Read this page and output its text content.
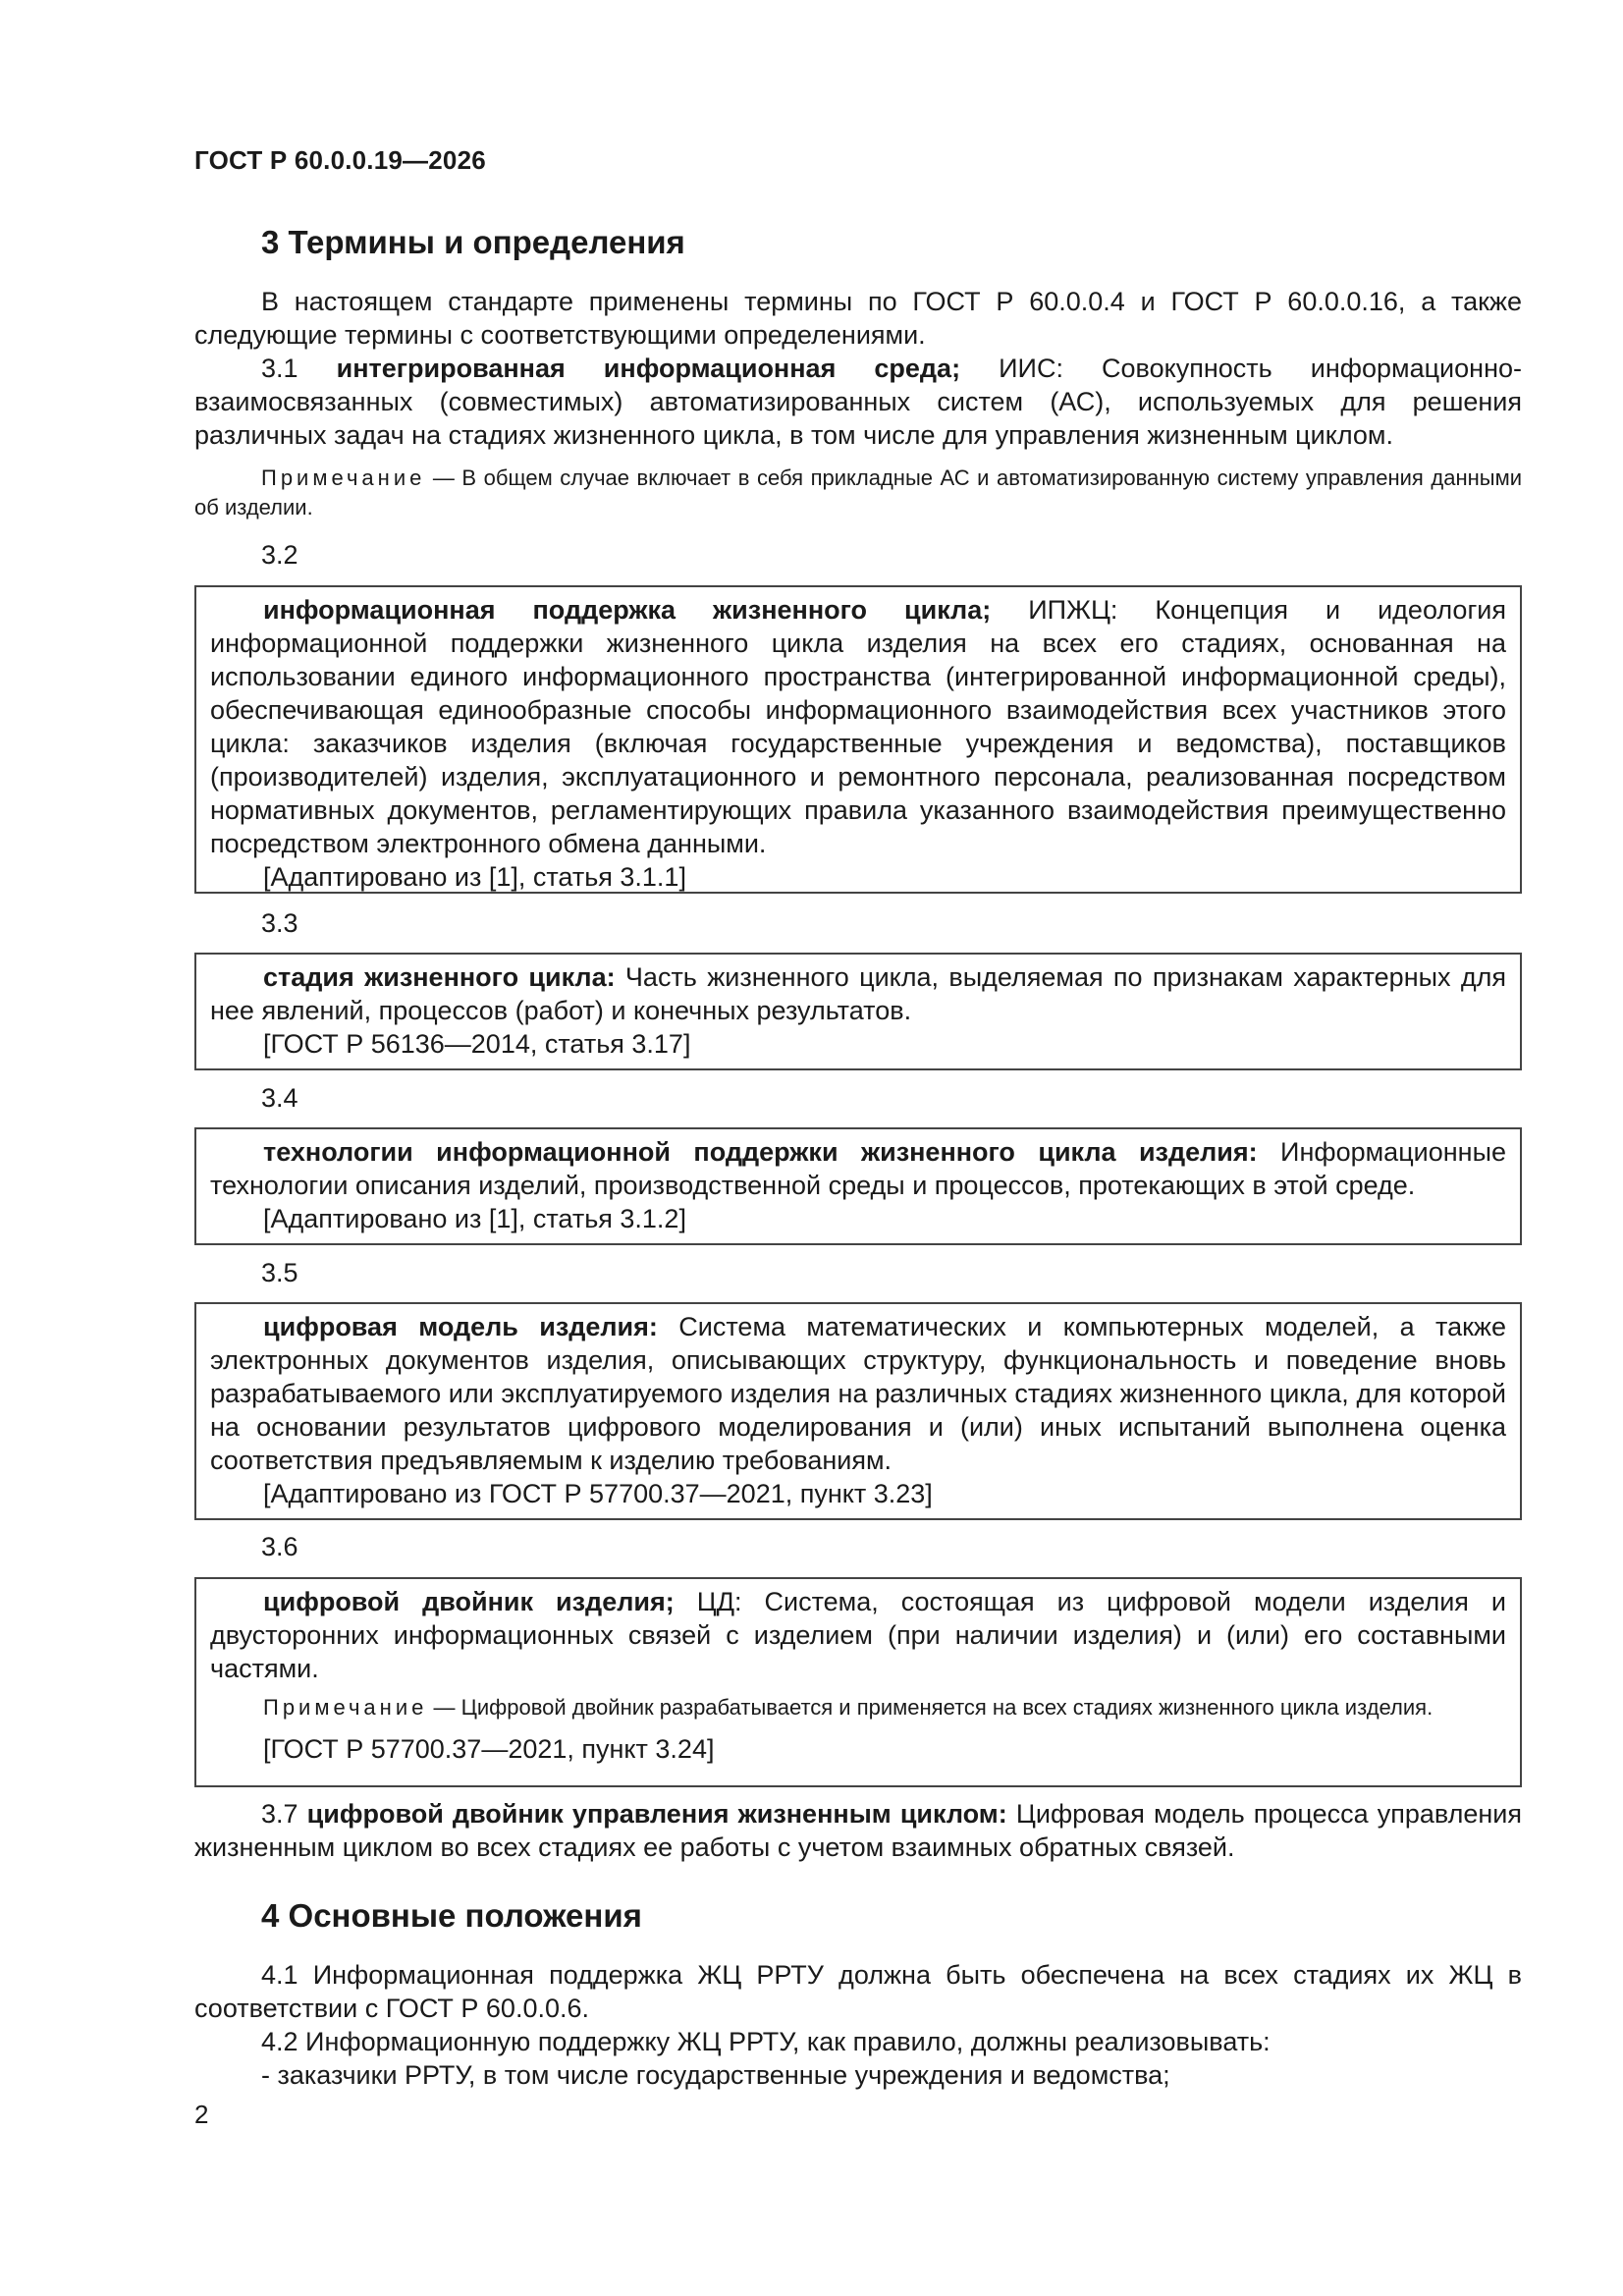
ГОСТ Р 60.0.0.19—2026
3 Термины и определения

В настоящем стандарте применены термины по ГОСТ Р 60.0.0.4 и ГОСТ Р 60.0.0.16, а также следующие термины с соответствующими определениями.

3.1 интегрированная информационная среда; ИИС: Совокупность информационно-взаимосвязанных (совместимых) автоматизированных систем (АС), используемых для решения различных задач на стадиях жизненного цикла, в том числе для управления жизненным циклом.

Примечание — В общем случае включает в себя прикладные АС и автоматизированную систему управления данными об изделии.

3.2

информационная поддержка жизненного цикла; ИПЖЦ: Концепция и идеология информационной поддержки жизненного цикла изделия на всех его стадиях, основанная на использовании единого информационного пространства (интегрированной информационной среды), обеспечивающая единообразные способы информационного взаимодействия всех участников этого цикла: заказчиков изделия (включая государственные учреждения и ведомства), поставщиков (производителей) изделия, эксплуатационного и ремонтного персонала, реализованная посредством нормативных документов, регламентирующих правила указанного взаимодействия преимущественно посредством электронного обмена данными.

[Адаптировано из [1], статья 3.1.1]

3.3

стадия жизненного цикла: Часть жизненного цикла, выделяемая по признакам характерных для нее явлений, процессов (работ) и конечных результатов.

[ГОСТ Р 56136—2014, статья 3.17]

3.4

технологии информационной поддержки жизненного цикла изделия: Информационные технологии описания изделий, производственной среды и процессов, протекающих в этой среде.

[Адаптировано из [1], статья 3.1.2]

3.5

цифровая модель изделия: Система математических и компьютерных моделей, а также электронных документов изделия, описывающих структуру, функциональность и поведение вновь разрабатываемого или эксплуатируемого изделия на различных стадиях жизненного цикла, для которой на основании результатов цифрового моделирования и (или) иных испытаний выполнена оценка соответствия предъявляемым к изделию требованиям.

[Адаптировано из ГОСТ Р 57700.37—2021, пункт 3.23]

3.6

цифровой двойник изделия; ЦД: Система, состоящая из цифровой модели изделия и двусторонних информационных связей с изделием (при наличии изделия) и (или) его составными частями.

Примечание — Цифровой двойник разрабатывается и применяется на всех стадиях жизненного цикла изделия.

[ГОСТ Р 57700.37—2021, пункт 3.24]

3.7 цифровой двойник управления жизненным циклом: Цифровая модель процесса управления жизненным циклом во всех стадиях ее работы с учетом взаимных обратных связей.

4 Основные положения

4.1 Информационная поддержка ЖЦ РРТУ должна быть обеспечена на всех стадиях их ЖЦ в соответствии с ГОСТ Р 60.0.0.6.

4.2 Информационную поддержку ЖЦ РРТУ, как правило, должны реализовывать:

- заказчики РРТУ, в том числе государственные учреждения и ведомства;

2
